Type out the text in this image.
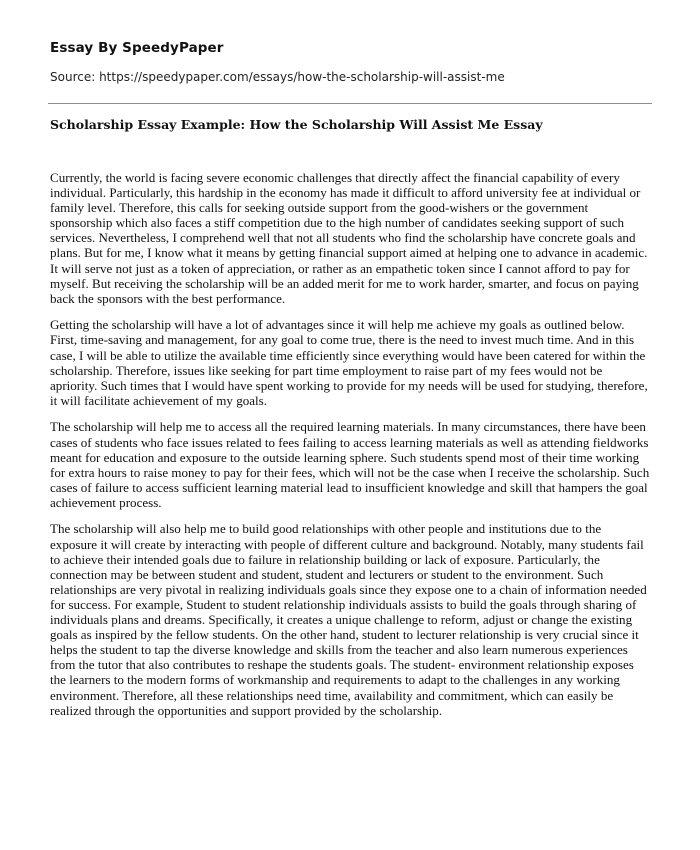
Essay By SpeedyPaper
Source: https://speedypaper.com/essays/how-the-scholarship-will-assist-me
Scholarship Essay Example: How the Scholarship Will Assist Me Essay

Currently, the world is facing severe economic challenges that directly affect the financial capability of every individual. Particularly, this hardship in the economy has made it difficult to afford university fee at individual or family level. Therefore, this calls for seeking outside support from the good-wishers or the government sponsorship which also faces a stiff competition due to the high number of candidates seeking support of such services. Nevertheless, I comprehend well that not all students who find the scholarship have concrete goals and plans. But for me, I know what it means by getting financial support aimed at helping one to advance in academic. It will serve not just as a token of appreciation, or rather as an empathetic token since I cannot afford to pay for myself. But receiving the scholarship will be an added merit for me to work harder, smarter, and focus on paying back the sponsors with the best performance.

Getting the scholarship will have a lot of advantages since it will help me achieve my goals as outlined below. First, time-saving and management, for any goal to come true, there is the need to invest much time. And in this case, I will be able to utilize the available time efficiently since everything would have been catered for within the scholarship. Therefore, issues like seeking for part time employment to raise part of my fees would not be apriority. Such times that I would have spent working to provide for my needs will be used for studying, therefore, it will facilitate achievement of my goals.

The scholarship will help me to access all the required learning materials. In many circumstances, there have been cases of students who face issues related to fees failing to access learning materials as well as attending fieldworks meant for education and exposure to the outside learning sphere. Such students spend most of their time working for extra hours to raise money to pay for their fees, which will not be the case when I receive the scholarship. Such cases of failure to access sufficient learning material lead to insufficient knowledge and skill that hampers the goal achievement process.

The scholarship will also help me to build good relationships with other people and institutions due to the exposure it will create by interacting with people of different culture and background. Notably, many students fail to achieve their intended goals due to failure in relationship building or lack of exposure. Particularly, the connection may be between student and student, student and lecturers or student to the environment. Such relationships are very pivotal in realizing individuals goals since they expose one to a chain of information needed for success. For example, Student to student relationship individuals assists to build the goals through sharing of individuals plans and dreams. Specifically, it creates a unique challenge to reform, adjust or change the existing goals as inspired by the fellow students. On the other hand, student to lecturer relationship is very crucial since it helps the student to tap the diverse knowledge and skills from the teacher and also learn numerous experiences from the tutor that also contributes to reshape the students goals. The student- environment relationship exposes the learners to the modern forms of workmanship and requirements to adapt to the challenges in any working environment. Therefore, all these relationships need time, availability and commitment, which can easily be realized through the opportunities and support provided by the scholarship.
